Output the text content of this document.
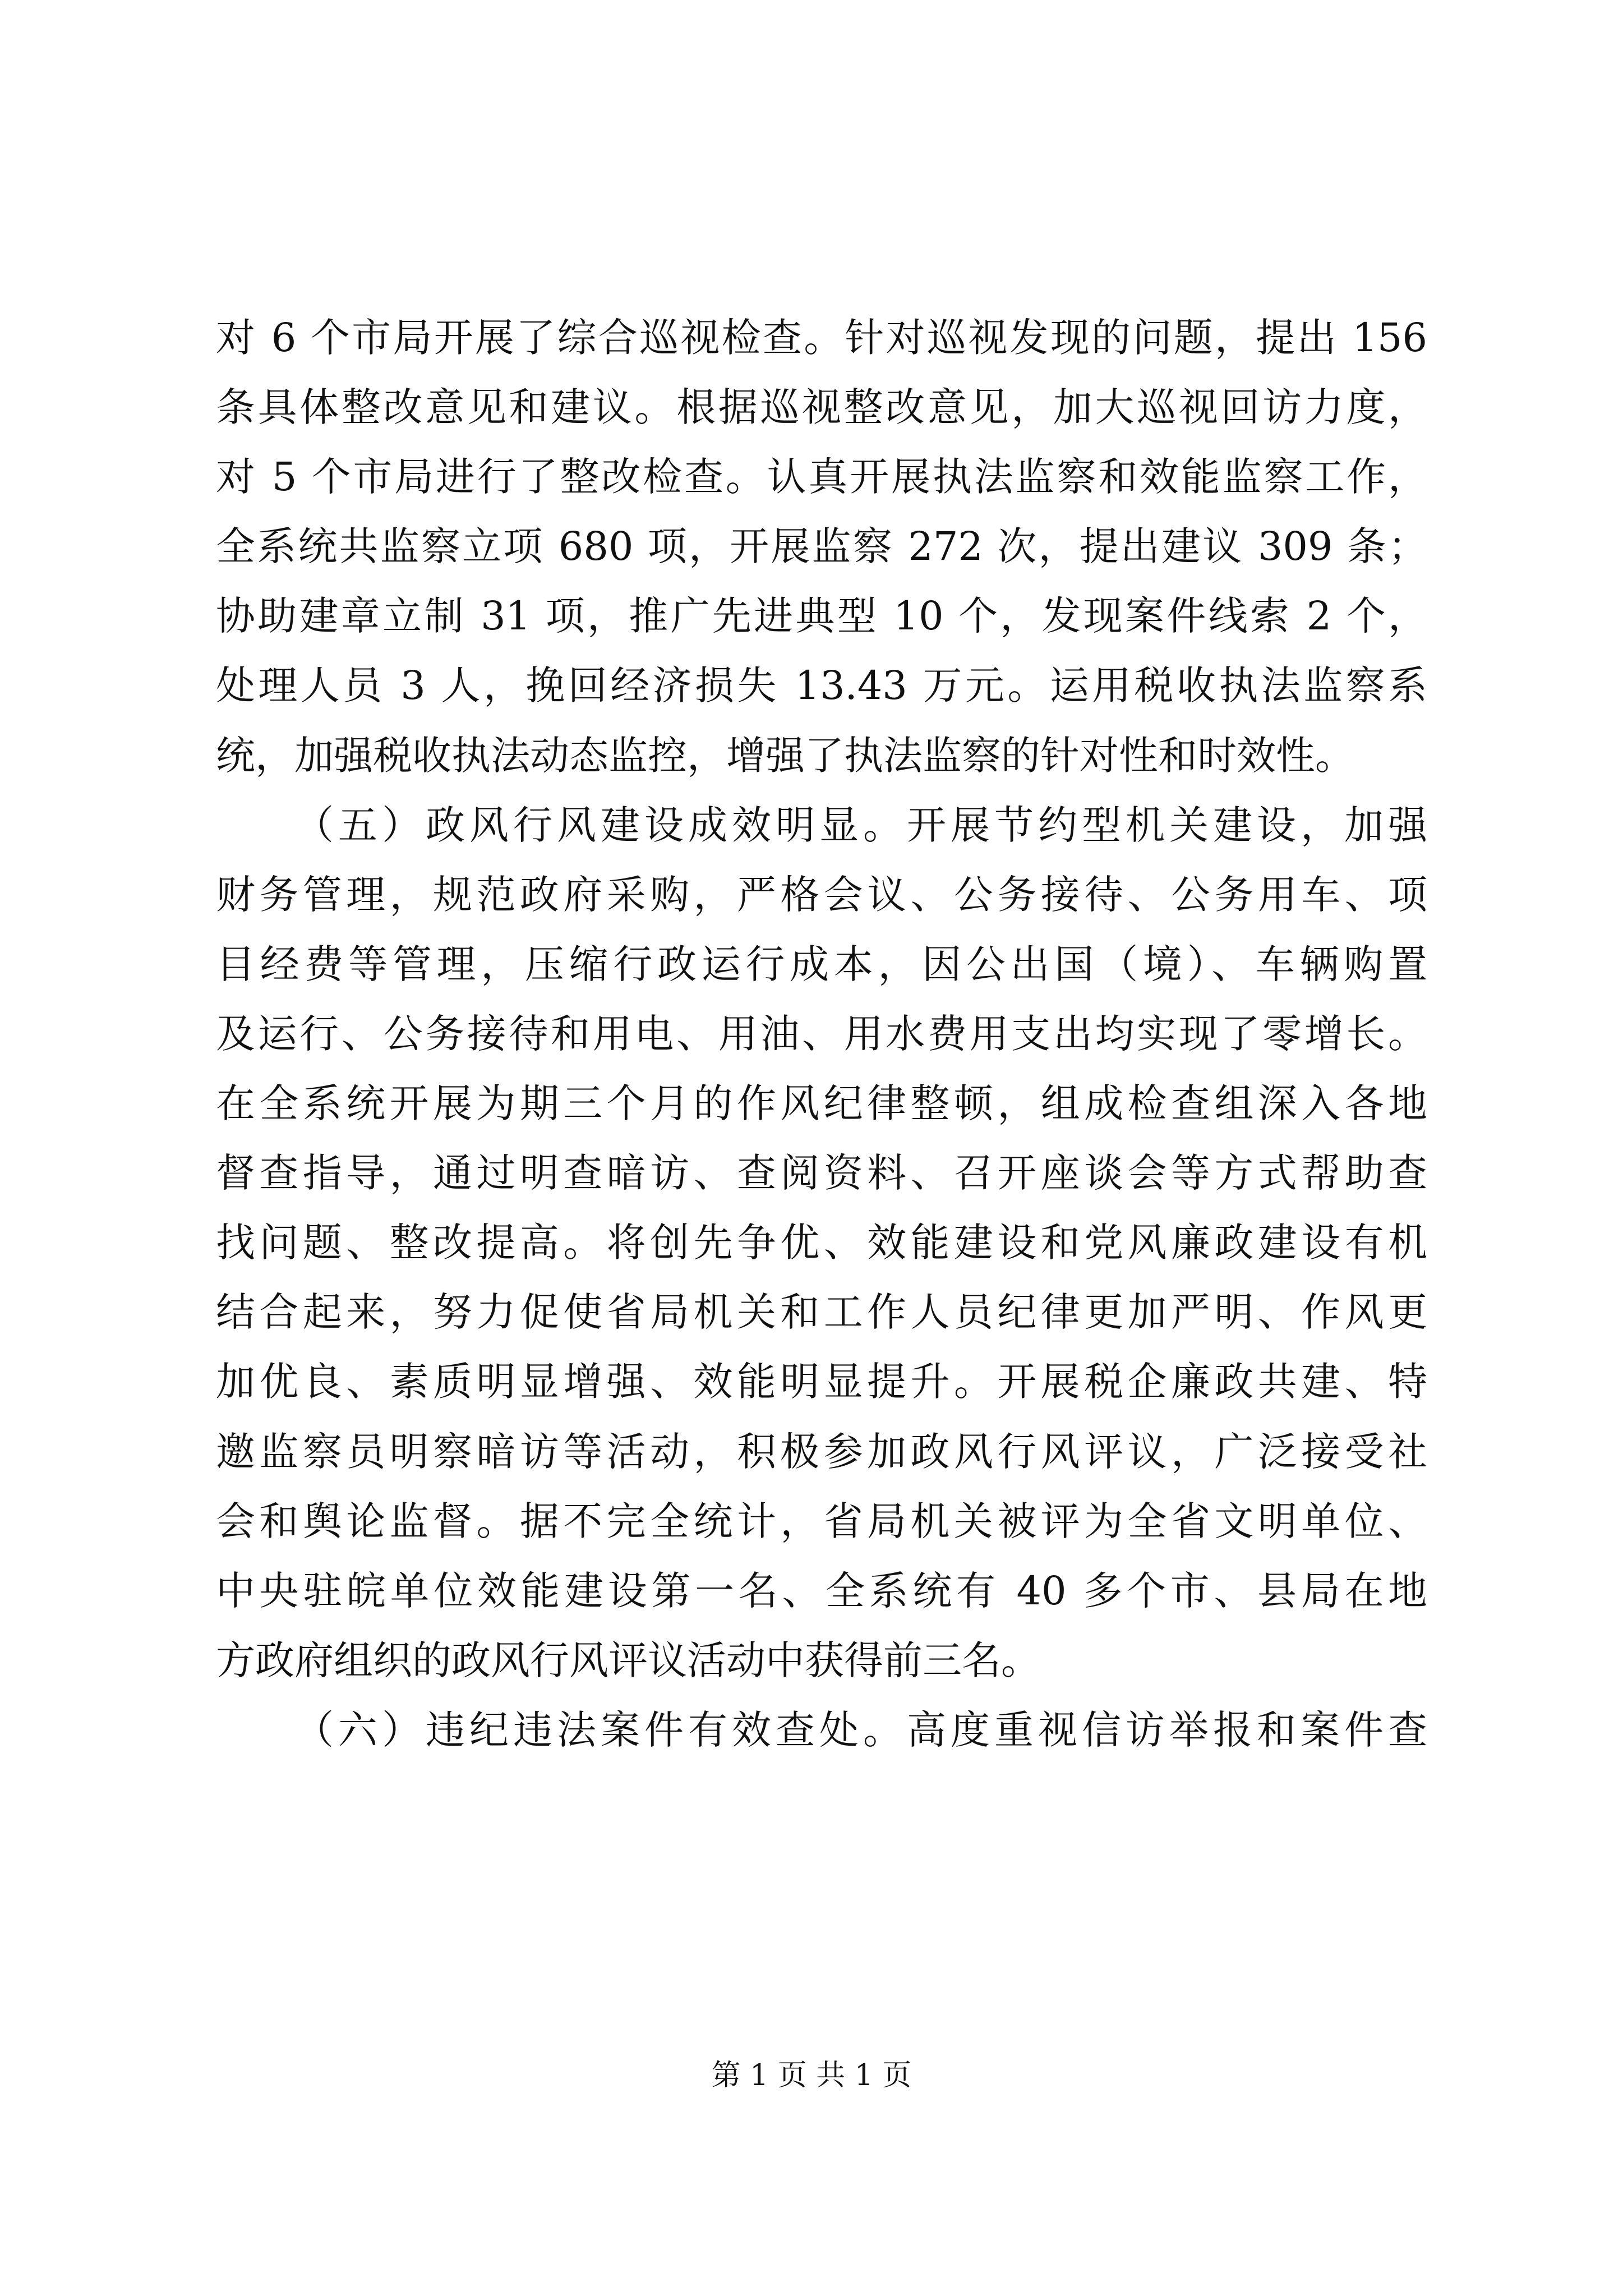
对 6 个市局开展了综合巡视检查。针对巡视发现的问题，提出 156
条具体整改意见和建议。根据巡视整改意见，加大巡视回访力度，
对 5 个市局进行了整改检查。认真开展执法监察和效能监察工作，
全系统共监察立项 680 项，开展监察 272 次，提出建议 309 条；
协助建章立制 31 项，推广先进典型 10 个，发现案件线索 2 个，
处理人员 3 人，挽回经济损失 13.43 万元。运用税收执法监察系
统，加强税收执法动态监控，增强了执法监察的针对性和时效性。
（五）政风行风建设成效明显。开展节约型机关建设，加强
财务管理，规范政府采购，严格会议、公务接待、公务用车、项
目经费等管理，压缩行政运行成本，因公出国（境）、车辆购置
及运行、公务接待和用电、用油、用水费用支出均实现了零增长。
在全系统开展为期三个月的作风纪律整顿，组成检查组深入各地
督查指导，通过明查暗访、查阅资料、召开座谈会等方式帮助查
找问题、整改提高。将创先争优、效能建设和党风廉政建设有机
结合起来，努力促使省局机关和工作人员纪律更加严明、作风更
加优良、素质明显增强、效能明显提升。开展税企廉政共建、特
邀监察员明察暗访等活动，积极参加政风行风评议，广泛接受社
会和舆论监督。据不完全统计，省局机关被评为全省文明单位、
中央驻皖单位效能建设第一名、全系统有 40 多个市、县局在地
方政府组织的政风行风评议活动中获得前三名。
（六）违纪违法案件有效查处。高度重视信访举报和案件查
第 1 页 共 1 页
